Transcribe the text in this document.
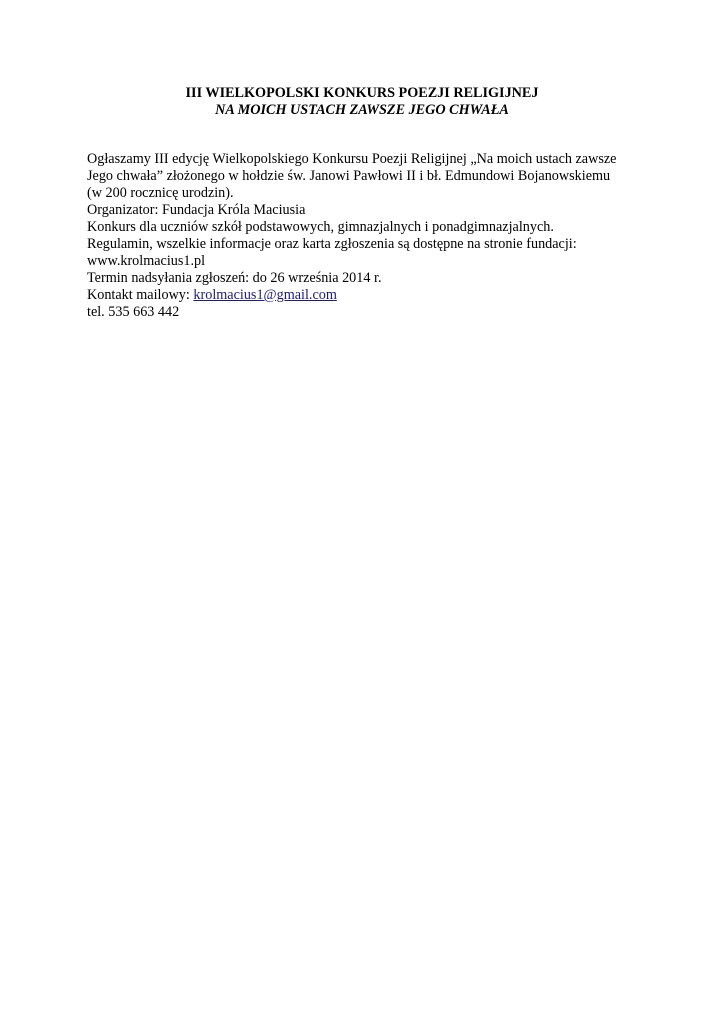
III WIELKOPOLSKI KONKURS POEZJI RELIGIJNEJ
NA MOICH USTACH ZAWSZE JEGO CHWAŁA
Ogłaszamy III edycję Wielkopolskiego Konkursu Poezji Religijnej „Na moich ustach zawsze
Jego chwała” złożonego w hołdzie św. Janowi Pawłowi II i bł. Edmundowi Bojanowskiemu
(w 200 rocznicę urodzin).
Organizator: Fundacja Króla Maciusia
Konkurs dla uczniów szkół podstawowych, gimnazjalnych i ponadgimnazjalnych.
Regulamin, wszelkie informacje oraz karta zgłoszenia są dostępne na stronie fundacji:
www.krolmacius1.pl
Termin nadsyłania zgłoszeń: do 26 września 2014 r.
Kontakt mailowy: krolmacius1@gmail.com
tel. 535 663 442
